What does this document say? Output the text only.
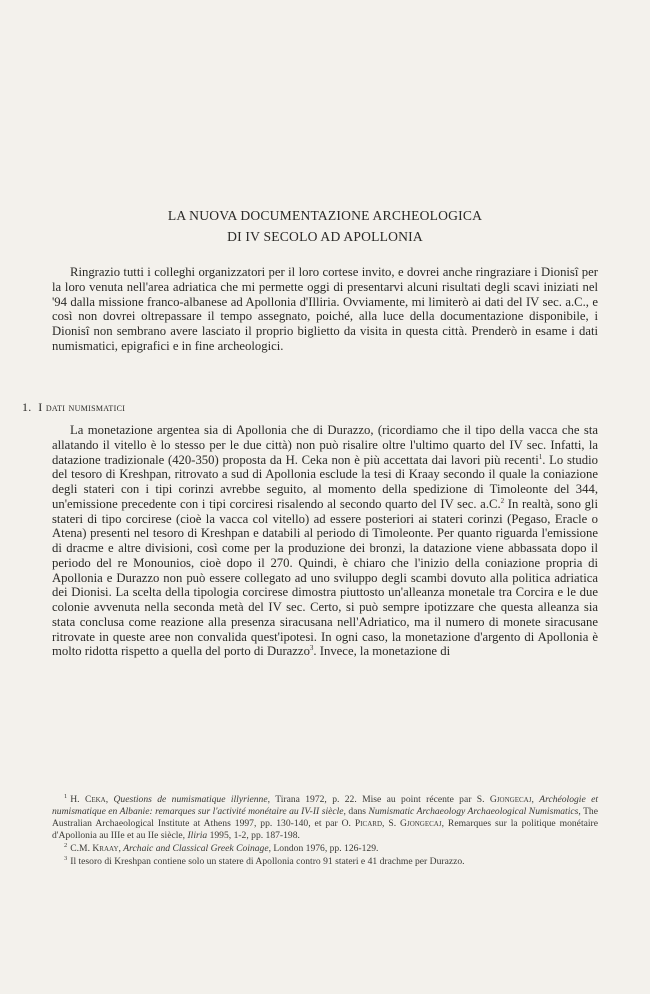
LA NUOVA DOCUMENTAZIONE ARCHEOLOGICA
DI IV SECOLO AD APOLLONIA

Ringrazio tutti i colleghi organizzatori per il loro cortese invito, e dovrei anche ringraziare i Dionisî per la loro venuta nell'area adriatica che mi permette oggi di presentarvi alcuni risultati degli scavi iniziati nel '94 dalla missione franco-albanese ad Apollonia d'Illiria. Ovviamente, mi limiterò ai dati del IV sec. a.C., e così non dovrei oltrepassare il tempo assegnato, poiché, alla luce della documentazione disponibile, i Dionisî non sembrano avere lasciato il proprio biglietto da visita in questa città. Prenderò in esame i dati numismatici, epigrafici e in fine archeologici.

1. I dati numismatici

La monetazione argentea sia di Apollonia che di Durazzo, (ricordiamo che il tipo della vacca che sta allatando il vitello è lo stesso per le due città) non può risalire oltre l'ultimo quarto del IV sec. Infatti, la datazione tradizionale (420-350) proposta da H. Ceka non è più accettata dai lavori più recenti$^1$. Lo studio del tesoro di Kreshpan, ritrovato a sud di Apollonia esclude la tesi di Kraay secondo il quale la coniazione degli stateri con i tipi corinzi avrebbe seguito, al momento della spedizione di Timoleonte del 344, un'emissione precedente con i tipi corciresi risalendo al secondo quarto del IV sec. a.C.$^2$ In realtà, sono gli stateri di tipo corcirese (cioè la vacca col vitello) ad essere posteriori ai stateri corinzi (Pegaso, Eracle o Atena) presenti nel tesoro di Kreshpan e databili al periodo di Timoleonte. Per quanto riguarda l'emissione di dracme e altre divisioni, così come per la produzione dei bronzi, la datazione viene abbassata dopo il periodo del re Monounios, cioè dopo il 270. Quindi, è chiaro che l'inizio della coniazione propria di Apollonia e Durazzo non può essere collegato ad uno sviluppo degli scambi dovuto alla politica adriatica dei Dionisi. La scelta della tipologia corcirese dimostra piuttosto un'alleanza monetale tra Corcira e le due colonie avvenuta nella seconda metà del IV sec. Certo, si può sempre ipotizzare che questa alleanza sia stata conclusa come reazione alla presenza siracusana nell'Adriatico, ma il numero di monete siracusane ritrovate in queste aree non convalida quest'ipotesi. In ogni caso, la monetazione d'argento di Apollonia è molto ridotta rispetto a quella del porto di Durazzo$^3$. Invece, la monetazione di

$^1$ H. Ceka, Questions de numismatique illyrienne, Tirana 1972, p. 22. Mise au point récente par S. Gjongecaj, Archéologie et numismatique en Albanie: remarques sur l'activité monétaire au IV-II siècle, dans Numismatic Archaeology Archaeological Numismatics, The Australian Archaeological Institute at Athens 1997, pp. 130-140, et par O. Picard, S. Gjongecaj, Remarques sur la politique monétaire d'Apollonia au IIIe et au IIe siècle, Iliria 1995, 1-2, pp. 187-198.

$^2$ C.M. Kraay, Archaic and Classical Greek Coinage, London 1976, pp. 126-129.

$^3$ Il tesoro di Kreshpan contiene solo un statere di Apollonia contro 91 stateri e 41 drachme per Durazzo.
